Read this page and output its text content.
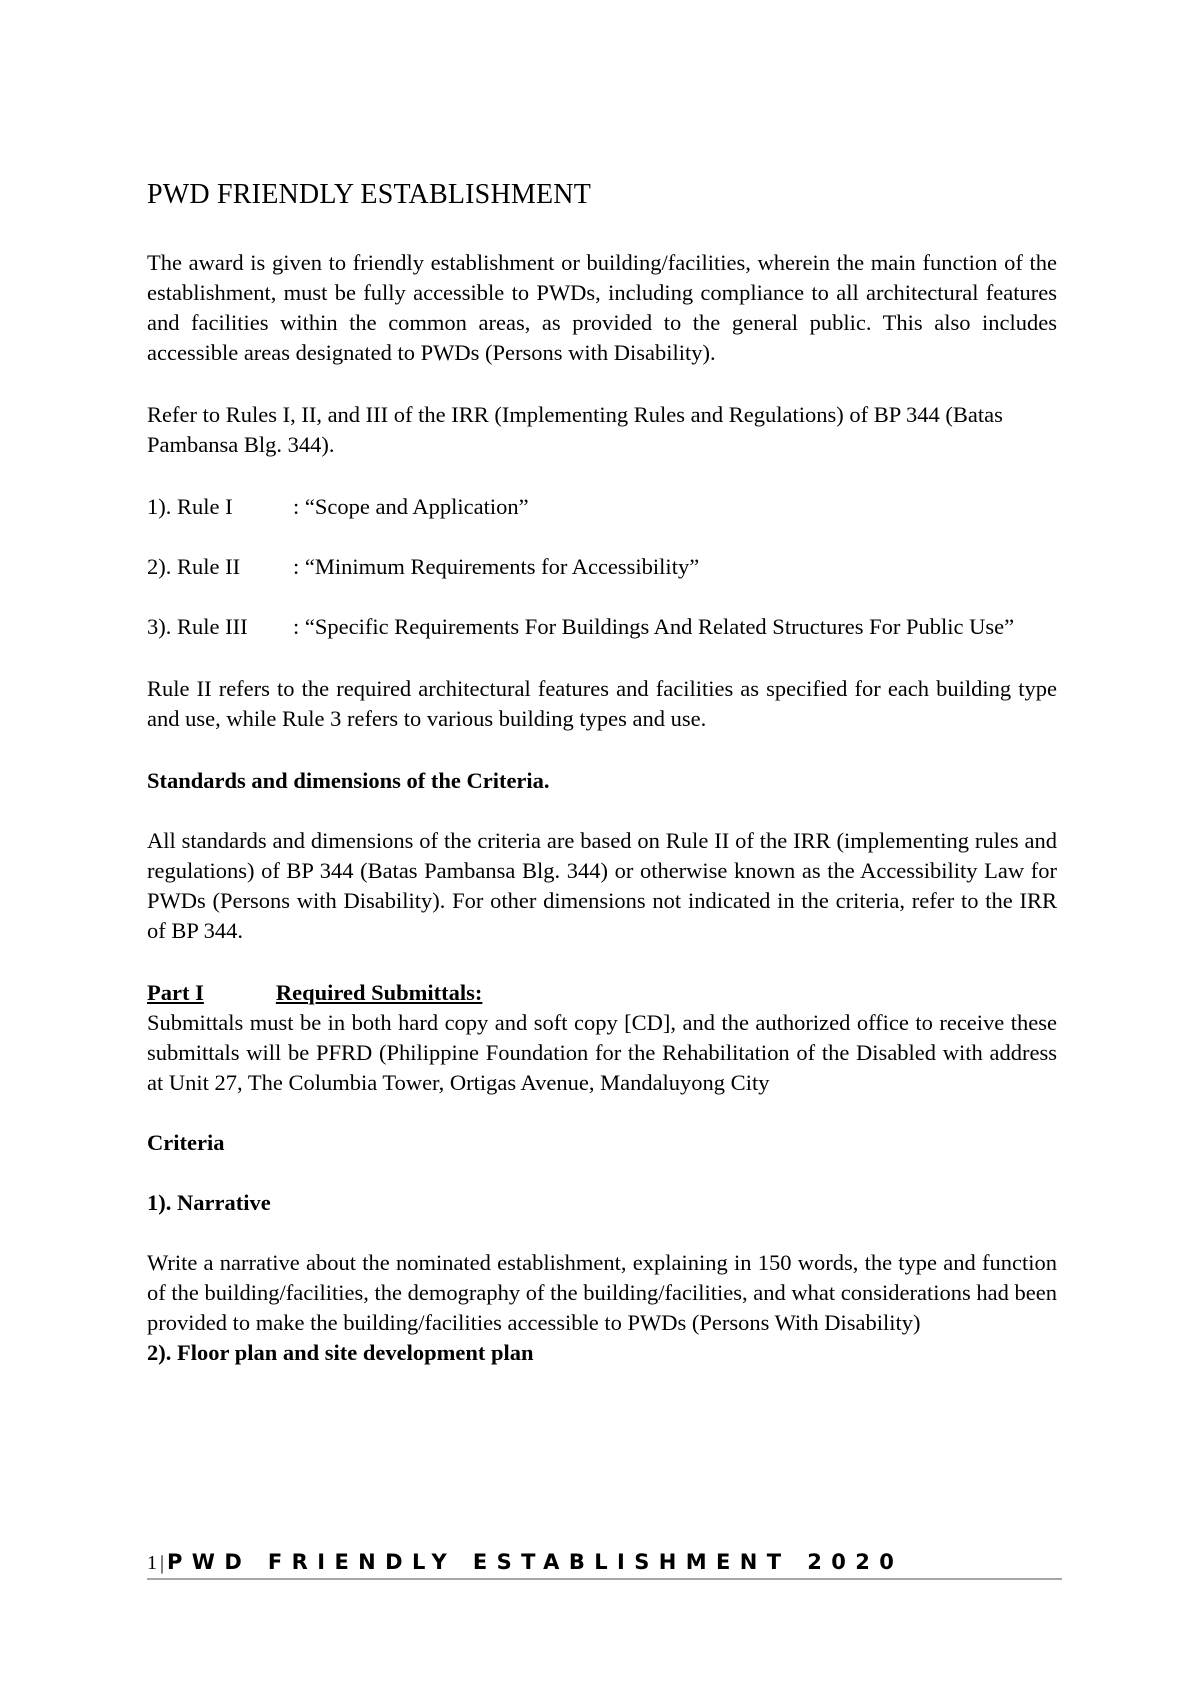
PWD FRIENDLY ESTABLISHMENT

The award is given to friendly establishment or building/facilities, wherein the main function of the establishment, must be fully accessible to PWDs, including compliance to all architectural features and facilities within the common areas, as provided to the general public. This also includes accessible areas designated to PWDs (Persons with Disability).

Refer to Rules I, II, and III of the IRR (Implementing Rules and Regulations) of BP 344 (Batas Pambansa Blg. 344).

1). Rule I	: “Scope and Application”
2). Rule II	: “Minimum Requirements for Accessibility”
3). Rule III	: “Specific Requirements For Buildings And Related Structures For Public Use”

Rule II refers to the required architectural features and facilities as specified for each building type and use, while Rule 3 refers to various building types and use.

Standards and dimensions of the Criteria.

All standards and dimensions of the criteria are based on Rule II of the IRR (implementing rules and regulations) of BP 344 (Batas Pambansa Blg. 344) or otherwise known as the Accessibility Law for PWDs (Persons with Disability). For other dimensions not indicated in the criteria, refer to the IRR of BP 344.

Part I	Required Submittals:

Submittals must be in both hard copy and soft copy [CD], and the authorized office to receive these submittals will be PFRD (Philippine Foundation for the Rehabilitation of the Disabled with address at Unit 27, The Columbia Tower, Ortigas Avenue, Mandaluyong City

Criteria

1). Narrative

Write a narrative about the nominated establishment, explaining in 150 words, the type and function of the building/facilities, the demography of the building/facilities, and what considerations had been provided to make the building/facilities accessible to PWDs (Persons With Disability)

2). Floor plan and site development plan

1| PWD FRIENDLY ESTABLISHMENT 2020
